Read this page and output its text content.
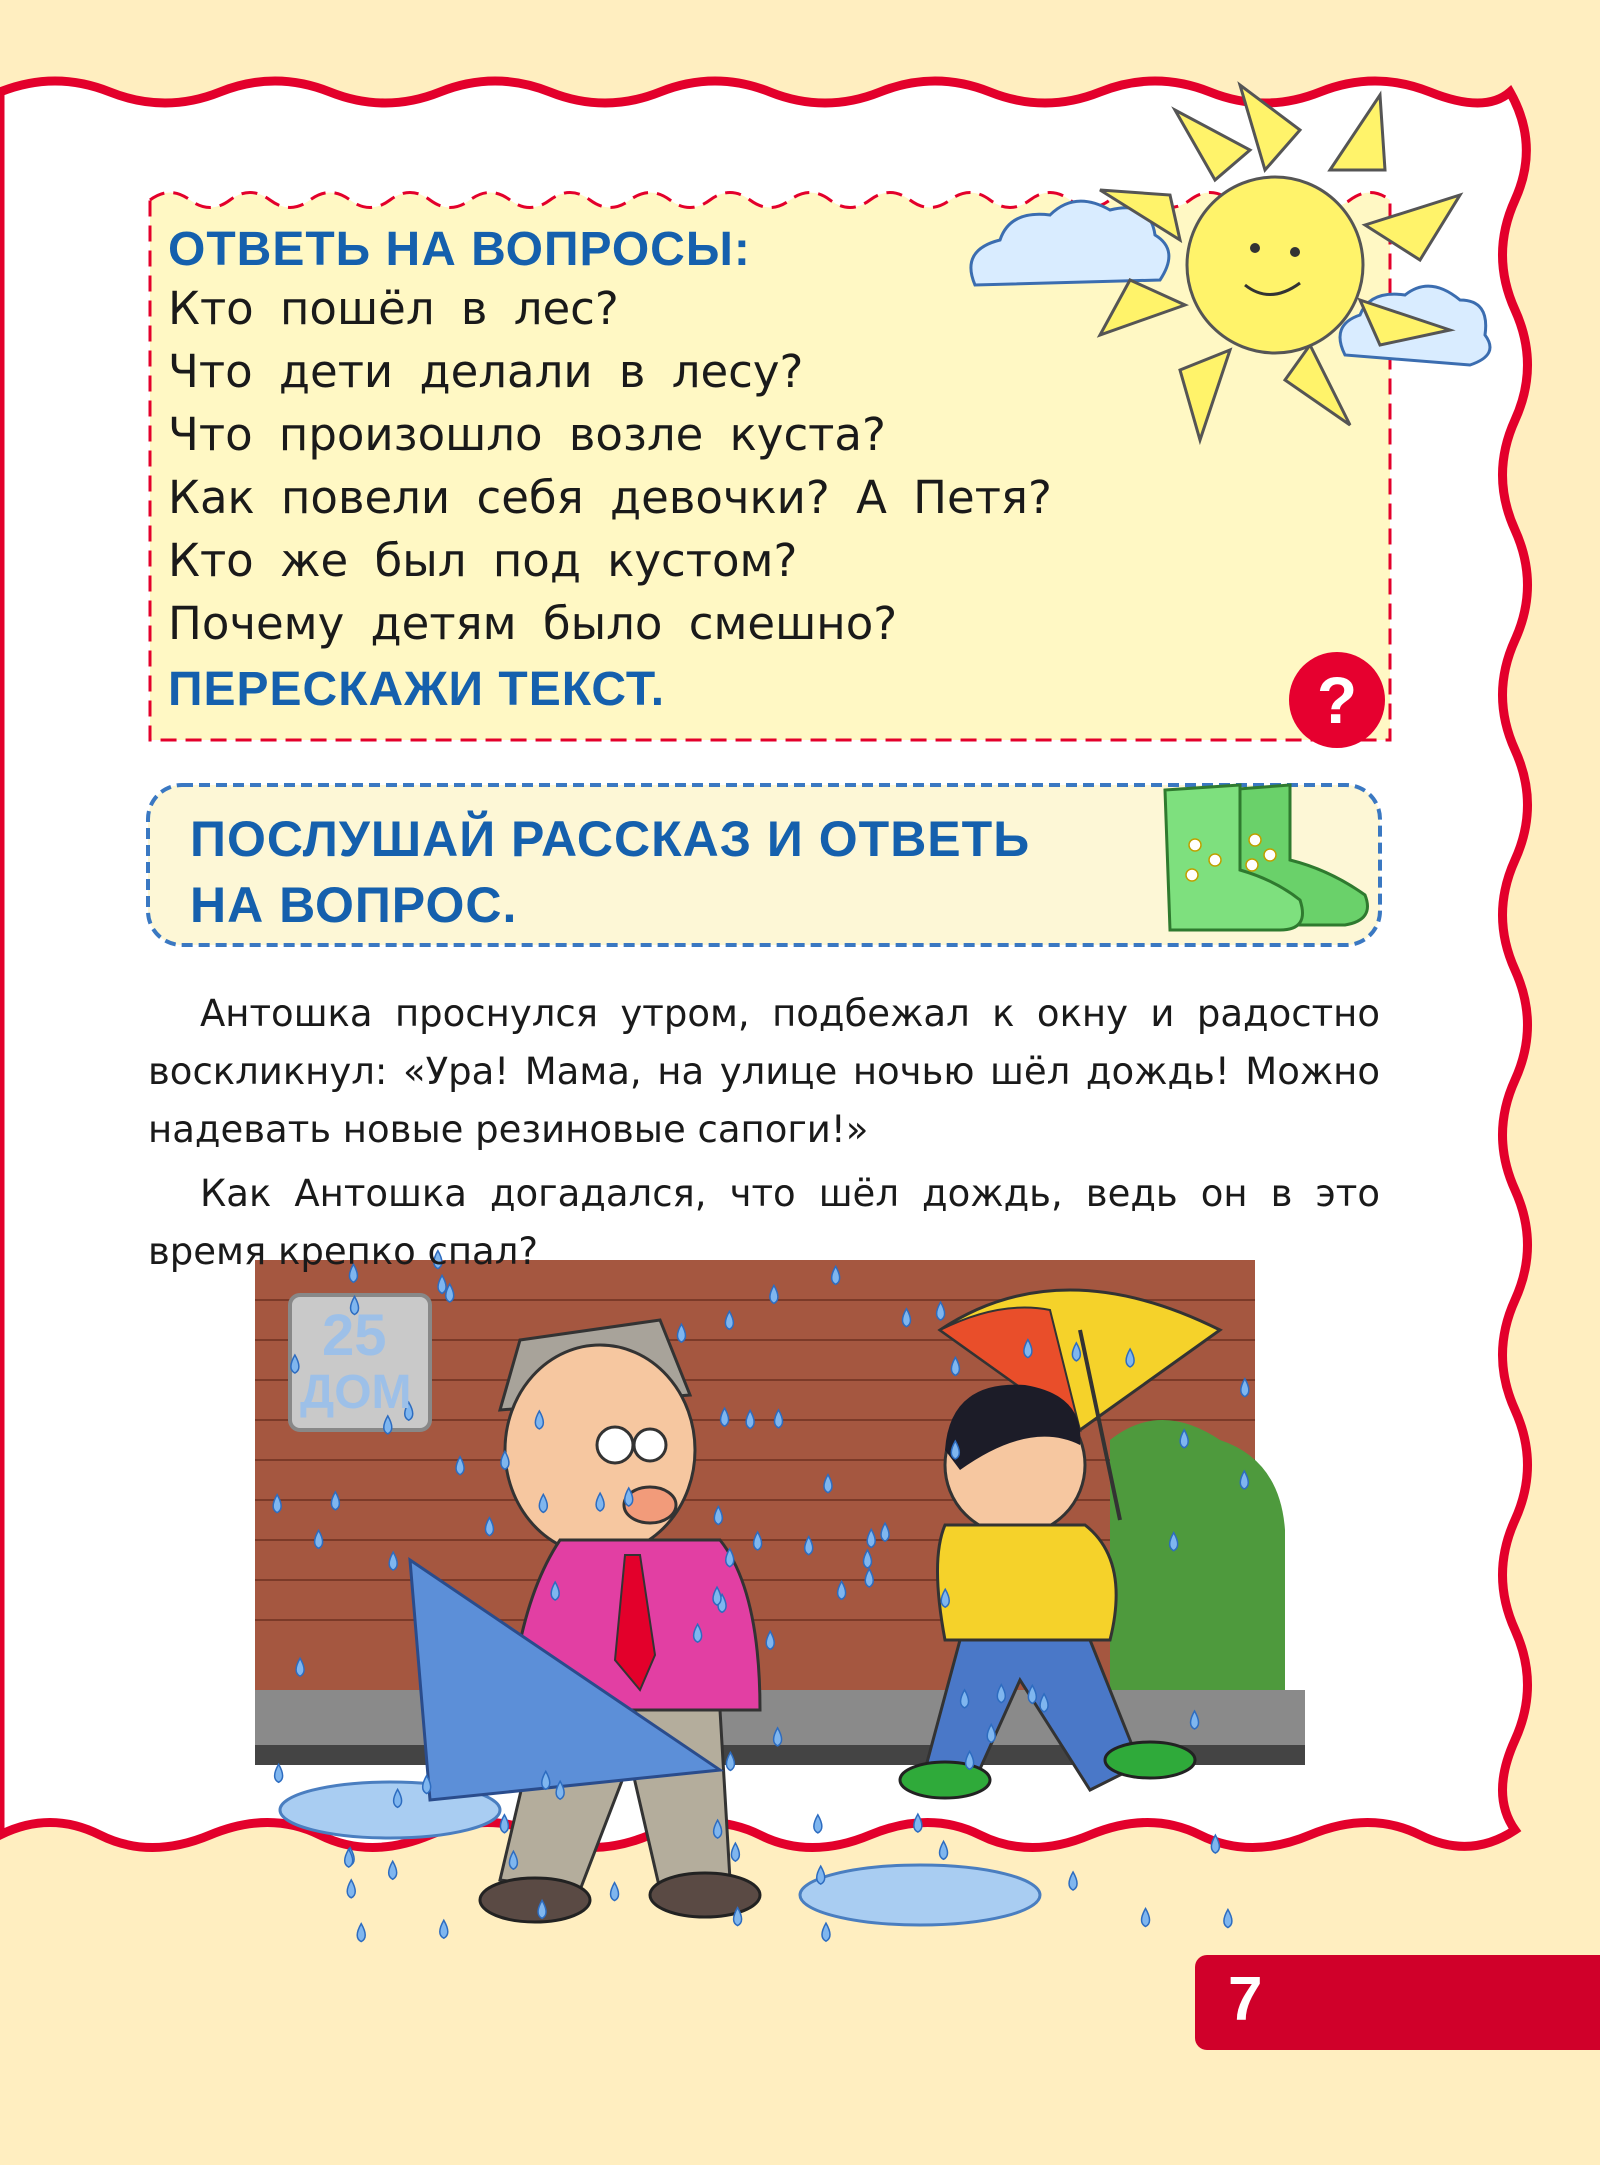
25
ДОМ
ОТВЕТЬ НА ВОПРОСЫ:
Кто пошёл в лес?
Что дети делали в лесу?
Что произошло возле куста?
Как повели себя девочки? А Петя?
Кто же был под кустом?
Почему детям было смешно?
ПЕРЕСКАЖИ ТЕКСТ.	?
ПОСЛУШАЙ РАССКАЗ И ОТВЕТЬ
НА ВОПРОС.

Антошка проснулся утром, подбежал к окну и радостно воскликнул: «Ура! Мама, на улице ночью шёл дождь! Можно надевать новые резиновые сапоги!»

Как Антошка догадался, что шёл дождь, ведь он в это время крепко спал?

7
